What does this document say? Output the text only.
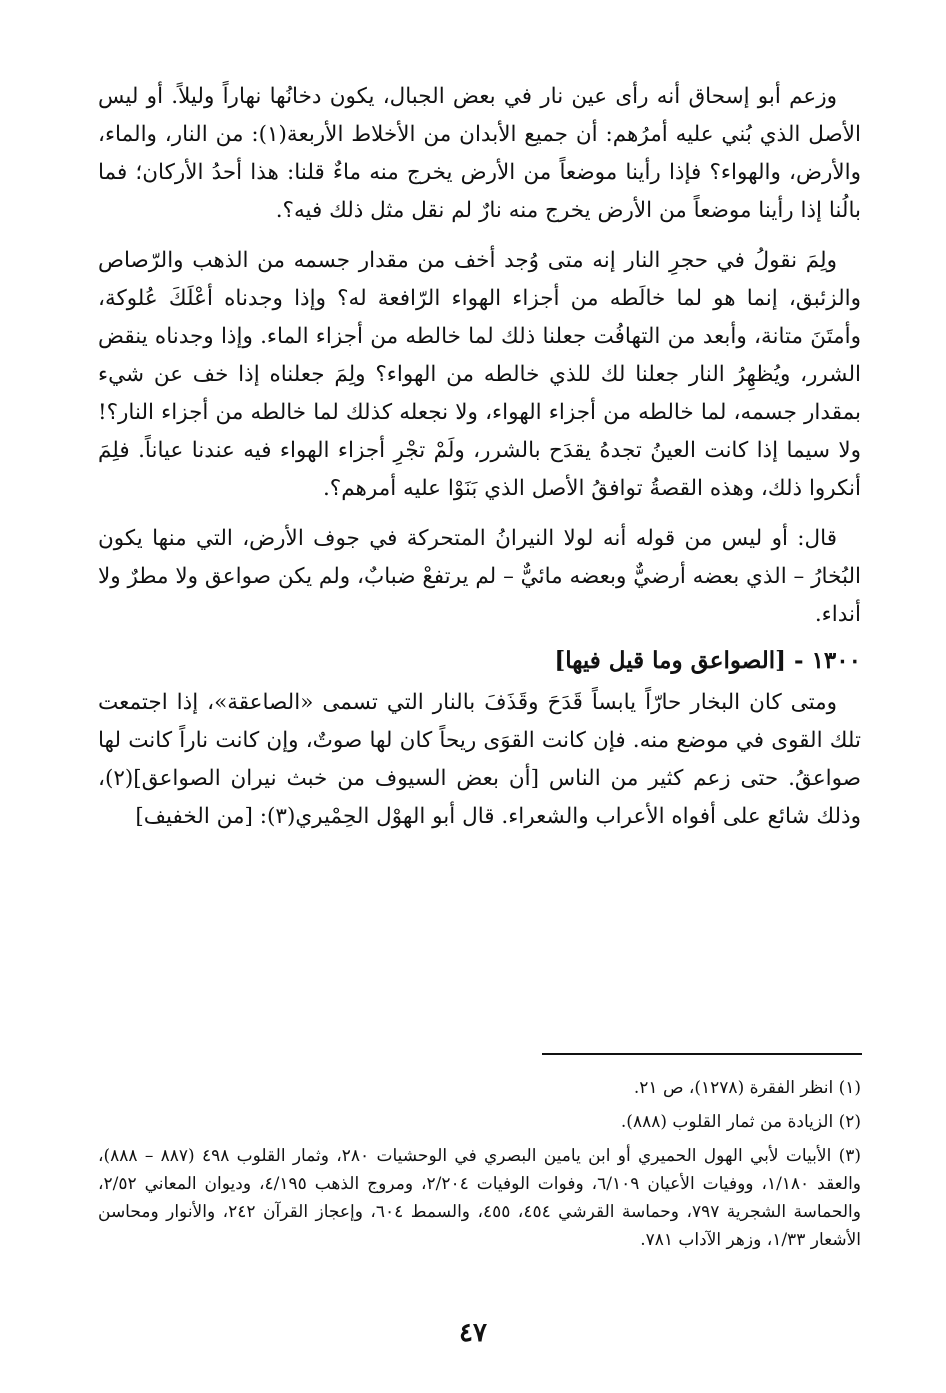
وزعم أبو إسحاق أنه رأى عين نار في بعض الجبال، يكون دخانُها نهاراً وليلاً. أو ليس الأصل الذي بُني عليه أمرُهم: أن جميع الأبدان من الأخلاط الأربعة(١): من النار، والماء، والأرض، والهواء؟ فإذا رأينا موضعاً من الأرض يخرج منه ماءٌ قلنا: هذا أحدُ الأركان؛ فما بالُنا إذا رأينا موضعاً من الأرض يخرج منه نارٌ لم نقل مثل ذلك فيه؟.

ولِمَ نقولُ في حجرِ النار إنه متى وُجد أخف من مقدار جسمه من الذهب والرّصاص والزئبق، إنما هو لما خالَطه من أجزاء الهواء الرّافعة له؟ وإذا وجدناه أعْلَكَ عُلوكة، وأمتَنَ متانة، وأبعد من التهافُت جعلنا ذلك لما خالطه من أجزاء الماء. وإذا وجدناه ينقض الشرر، ويُظهِرُ النار جعلنا لك للذي خالطه من الهواء؟ ولِمَ جعلناه إذا خف عن شيء بمقدار جسمه، لما خالطه من أجزاء الهواء، ولا نجعله كذلك لما خالطه من أجزاء النار؟! ولا سيما إذا كانت العينُ تجدهُ يقدَح بالشرر، ولَمْ تجْرِ أجزاء الهواء فيه عندنا عياناً. فلِمَ أنكروا ذلك، وهذه القصةُ توافقُ الأصل الذي بَنَوْا عليه أمرهم؟.

قال: أو ليس من قوله أنه لولا النيرانُ المتحركة في جوف الأرض، التي منها يكون البُخارُ – الذي بعضه أرضيٌّ وبعضه مائيٌّ – لم يرتفعْ ضبابٌ، ولم يكن صواعق ولا مطرٌ ولا أنداء.

١٣٠٠ - [الصواعق وما قيل فيها]

ومتى كان البخار حارّاً يابساً قَدَحَ وقَذَفَ بالنار التي تسمى «الصاعقة»، إذا اجتمعت تلك القوى في موضع منه. فإن كانت القوَى ريحاً كان لها صوتٌ، وإن كانت ناراً كانت لها صواعقُ. حتى زعم كثير من الناس [أن بعض السيوف من خبث نيران الصواعق](٢)، وذلك شائع على أفواه الأعراب والشعراء. قال أبو الهوْل الحِمْيري(٣): [من الخفيف]

(١) انظر الفقرة (١٢٧٨)، ص ٢١.

(٢) الزيادة من ثمار القلوب (٨٨٨).

(٣) الأبيات لأبي الهول الحميري أو ابن يامين البصري في الوحشيات ٢٨٠، وثمار القلوب ٤٩٨ (٨٨٧ – ٨٨٨)، والعقد ١/١٨٠، ووفيات الأعيان ٦/١٠٩، وفوات الوفيات ٢/٢٠٤، ومروج الذهب ٤/١٩٥، وديوان المعاني ٢/٥٢، والحماسة الشجرية ٧٩٧، وحماسة القرشي ٤٥٤، ٤٥٥، والسمط ٦٠٤، وإعجاز القرآن ٢٤٢، والأنوار ومحاسن الأشعار ١/٣٣، وزهر الآداب ٧٨١.

٤٧
